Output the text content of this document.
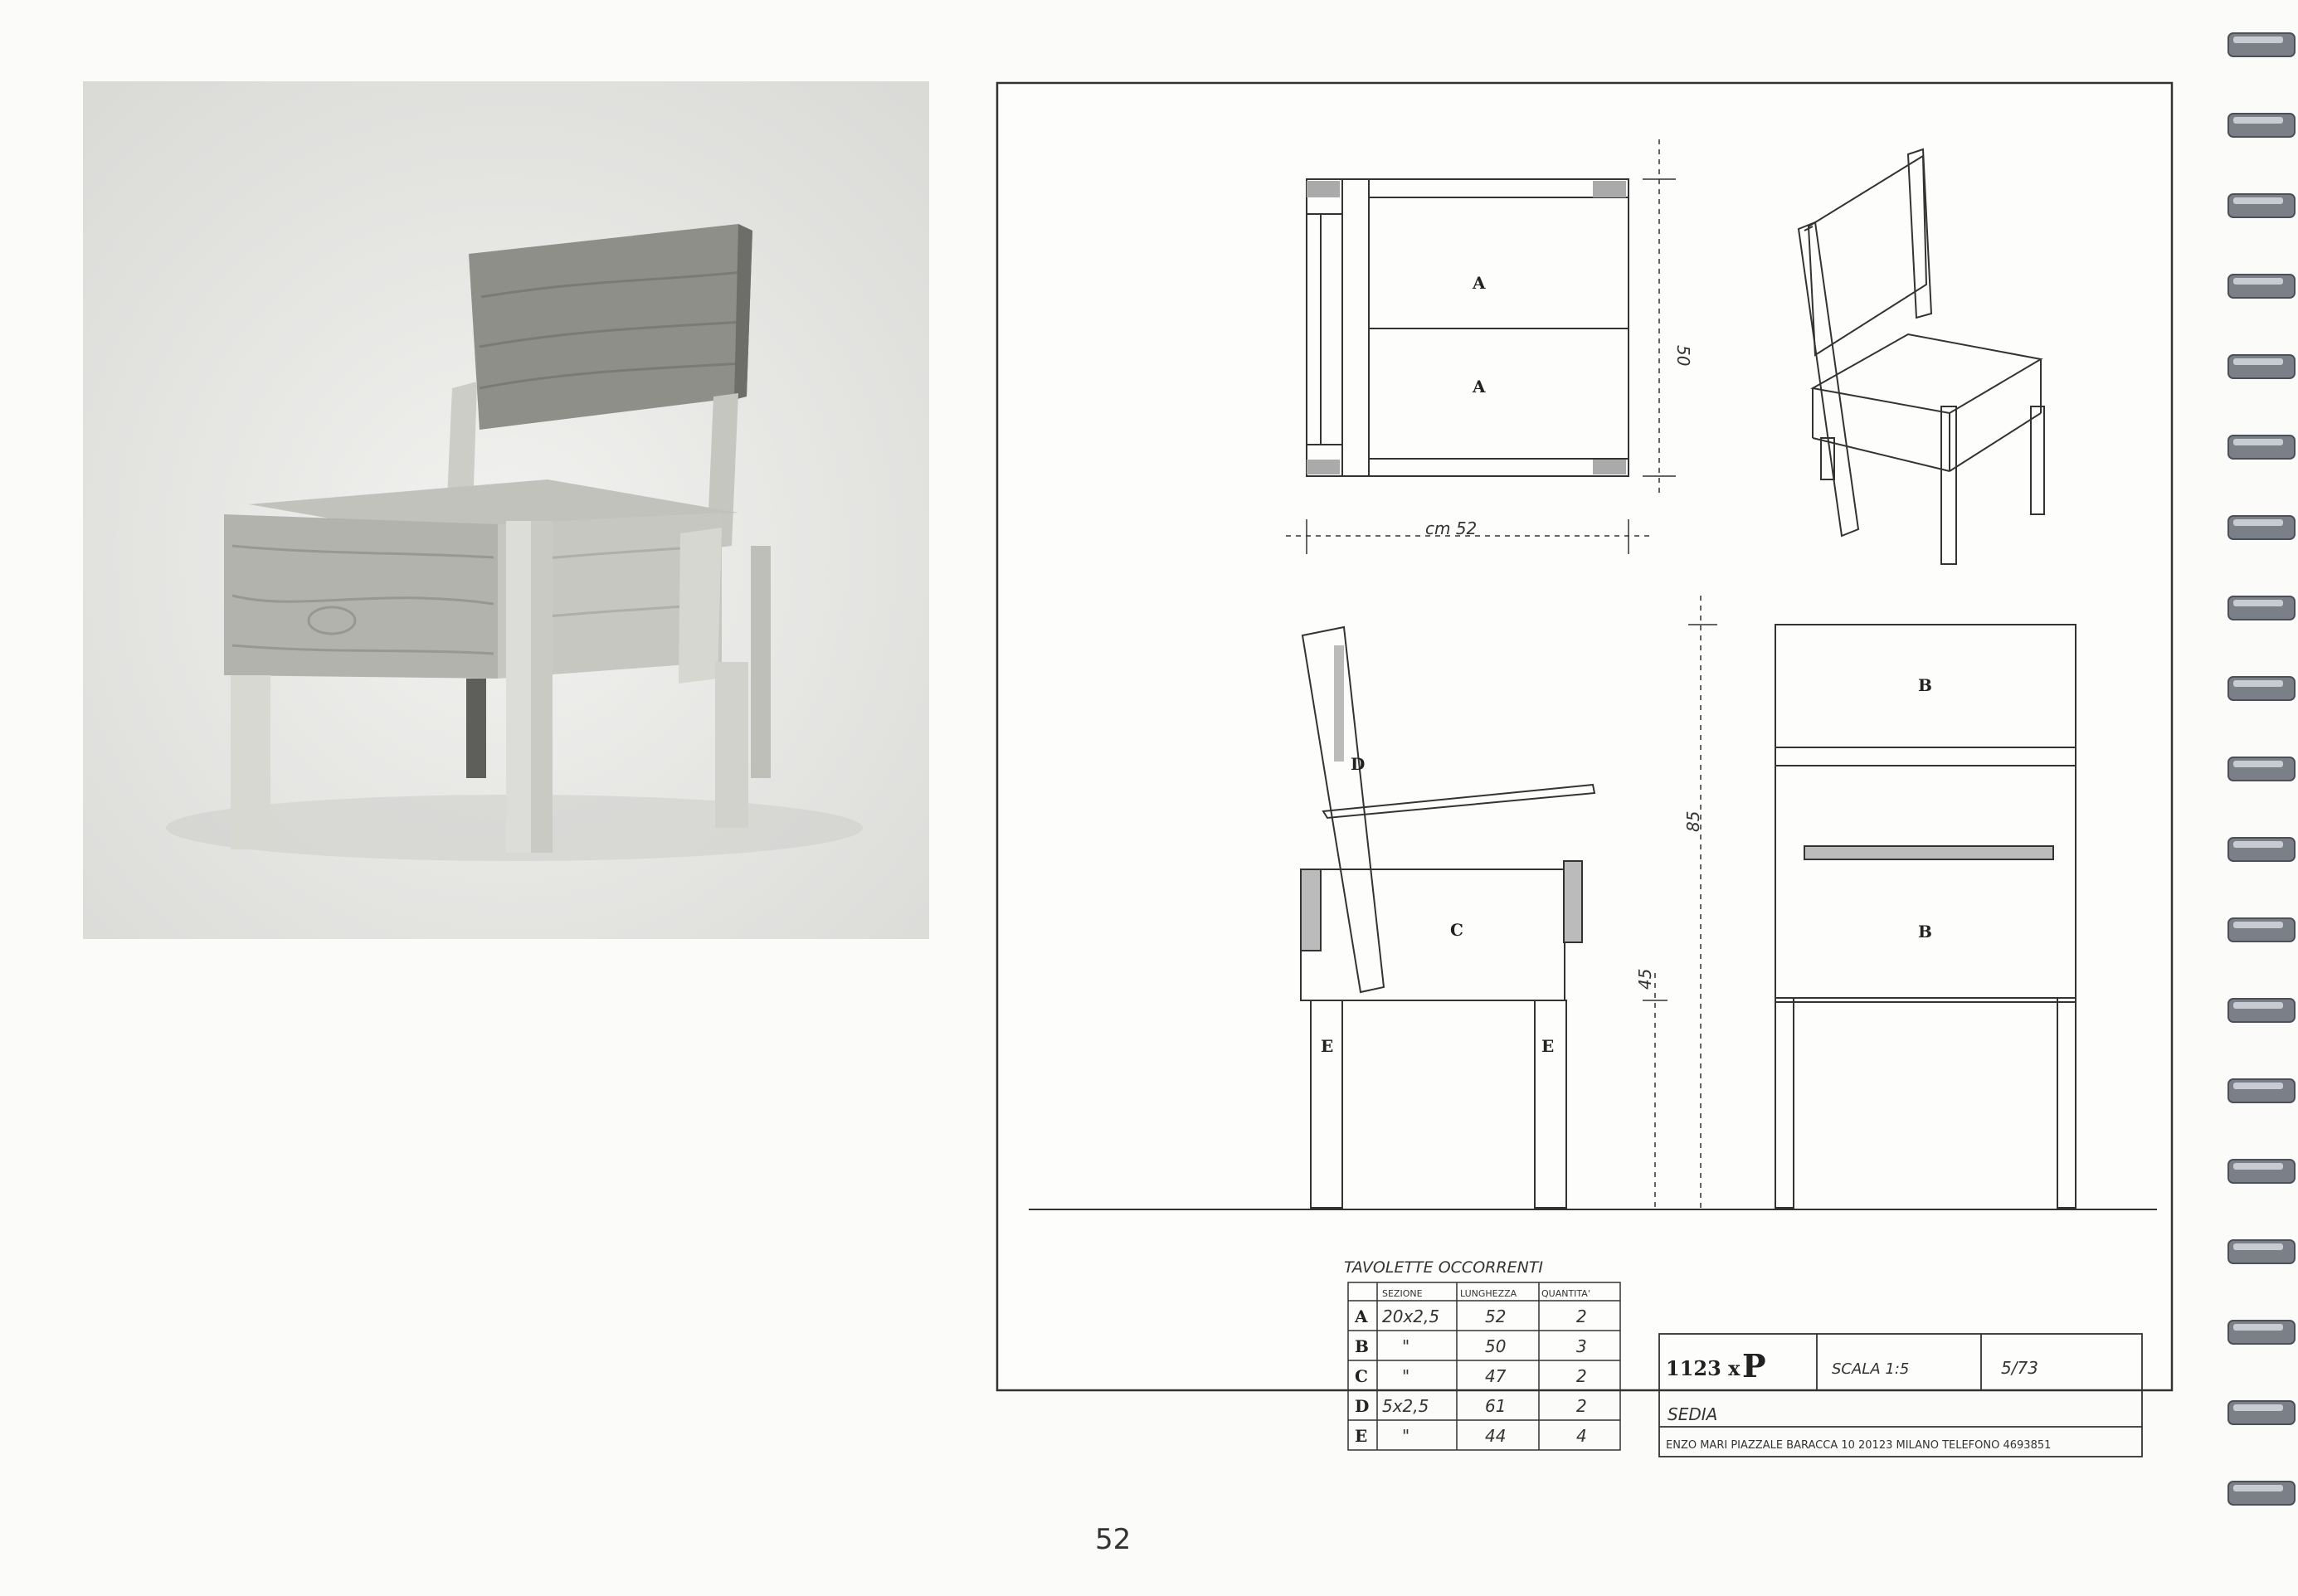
A
A
50
cm 52
D
C
E	E
45
85
B
B
TAVOLETTE OCCORRENTI
SEZIONE	LUNGHEZZA	QUANTITA'
A 20x2,5	52	2
B "	50	3
C "	47	2
D 5x2,5	61	2
E "	44	4
1123 x P	SCALA 1:5	5/73
SEDIA
ENZO MARI PIAZZALE BARACCA 10 20123 MILANO TELEFONO 4693851
52
